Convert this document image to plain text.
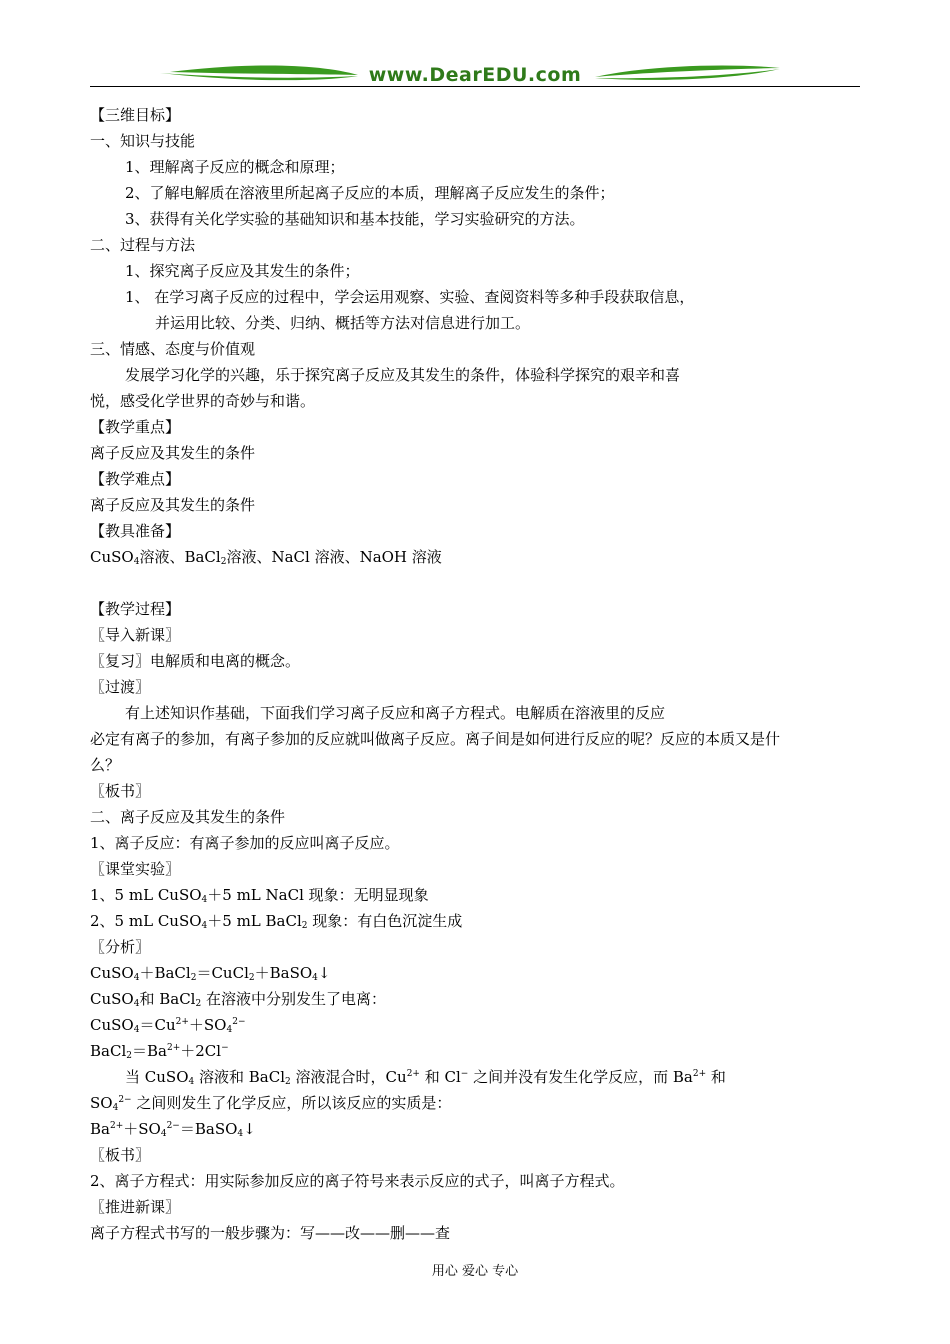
www.DearEDU.com
【三维目标】
一、知识与技能
1、理解离子反应的概念和原理；
2、了解电解质在溶液里所起离子反应的本质，理解离子反应发生的条件；
3、获得有关化学实验的基础知识和基本技能，学习实验研究的方法。
二、过程与方法
1、探究离子反应及其发生的条件；
1、 在学习离子反应的过程中，学会运用观察、实验、查阅资料等多种手段获取信息，
并运用比较、分类、归纳、概括等方法对信息进行加工。
三、情感、态度与价值观
发展学习化学的兴趣，乐于探究离子反应及其发生的条件，体验科学探究的艰辛和喜
悦，感受化学世界的奇妙与和谐。
【教学重点】
离子反应及其发生的条件
【教学难点】
离子反应及其发生的条件
【教具准备】
CuSO$_4$溶液、BaCl$_2$溶液、NaCl 溶液、NaOH 溶液
【教学过程】
〖导入新课〗
〖复习〗电解质和电离的概念。
〖过渡〗
有上述知识作基础，下面我们学习离子反应和离子方程式。电解质在溶液里的反应
必定有离子的参加，有离子参加的反应就叫做离子反应。离子间是如何进行反应的呢？反应的本质又是什
么？
〖板书〗
二、离子反应及其发生的条件
1、离子反应：有离子参加的反应叫离子反应。
〖课堂实验〗
1、5 mL CuSO$_4$＋5 mL NaCl 现象：无明显现象
2、5 mL CuSO$_4$＋5 mL BaCl$_2$ 现象：有白色沉淀生成
〖分析〗
CuSO$_4$＋BaCl$_2$＝CuCl$_2$＋BaSO$_4$↓
CuSO$_4$和 BaCl$_2$ 在溶液中分别发生了电离：
$CuSO_4=Cu^{2+}+SO_4^{2-}$
$BaCl_2=Ba^{2+}+2Cl^-$
当 CuSO$_4$ 溶液和 BaCl$_2$ 溶液混合时，$Cu^{2+}$ 和 Cl− 之间并没有发生化学反应，而 $Ba^{2+}$ 和
$SO_4^{2-}$ 之间则发生了化学反应，所以该反应的实质是：
$Ba^{2+}+SO_4^{2-}=BaSO_4↓$
〖板书〗
2、离子方程式：用实际参加反应的离子符号来表示反应的式子，叫离子方程式。
〖推进新课〗
离子方程式书写的一般步骤为：写——改——删——查
用心 爱心 专心
